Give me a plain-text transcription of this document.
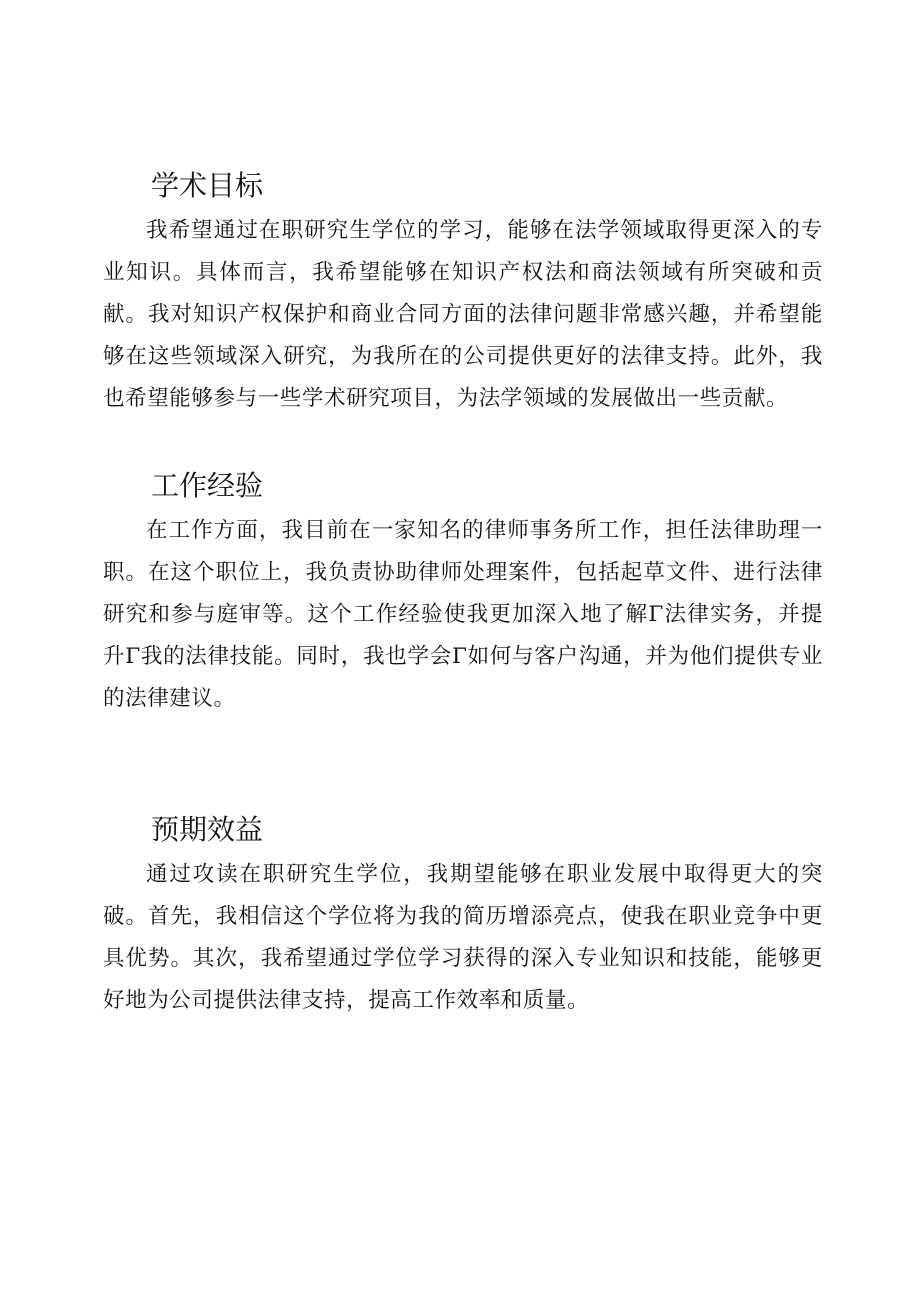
学术目标

我希望通过在职研究生学位的学习，能够在法学领域取得更深入的专业知识。具体而言，我希望能够在知识产权法和商法领域有所突破和贡献。我对知识产权保护和商业合同方面的法律问题非常感兴趣，并希望能够在这些领域深入研究，为我所在的公司提供更好的法律支持。此外，我也希望能够参与一些学术研究项目，为法学领域的发展做出一些贡献。

工作经验

在工作方面，我目前在一家知名的律师事务所工作，担任法律助理一职。在这个职位上，我负责协助律师处理案件，包括起草文件、进行法律研究和参与庭审等。这个工作经验使我更加深入地了解Γ法律实务，并提升Γ我的法律技能。同时，我也学会Γ如何与客户沟通，并为他们提供专业的法律建议。

预期效益

通过攻读在职研究生学位，我期望能够在职业发展中取得更大的突破。首先，我相信这个学位将为我的简历增添亮点，使我在职业竞争中更具优势。其次，我希望通过学位学习获得的深入专业知识和技能，能够更好地为公司提供法律支持，提高工作效率和质量。
